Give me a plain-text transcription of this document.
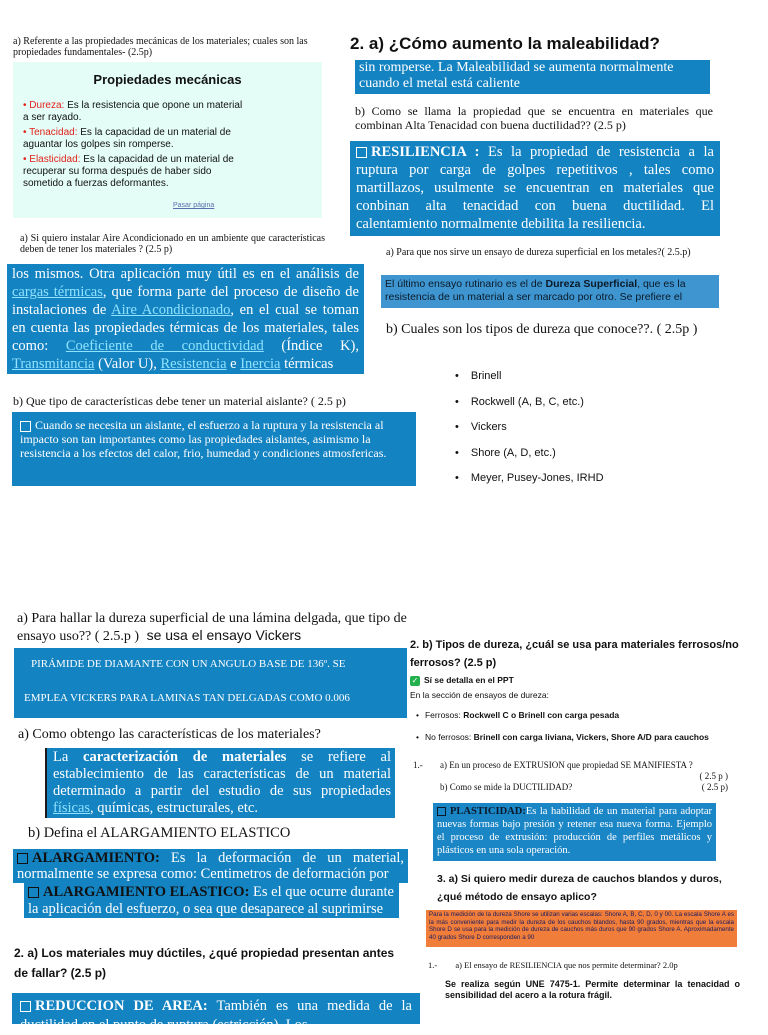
a) Referente a las propiedades mecánicas de los materiales; cuales son las propiedades fundamentales- (2.5p)
Propiedades mecánicas
• Dureza: Es la resistencia que opone un material a ser rayado.
• Tenacidad: Es la capacidad de un material de aguantar los golpes sin romperse.
• Elasticidad: Es la capacidad de un material de recuperar su forma después de haber sido sometido a fuerzas deformantes.
Pasar página
2. a) ¿Cómo aumento la maleabilidad?
sin romperse. La Maleabilidad se aumenta normalmente cuando el metal está caliente
b) Como se llama la propiedad que se encuentra en materiales que combinan Alta Tenacidad con buena ductilidad?? (2.5 p)
RESILIENCIA : Es la propiedad de resistencia a la ruptura por carga de golpes repetitivos , tales como martillazos, usulmente se encuentran en materiales que conbinan alta tenacidad con buena ductilidad. El calentamiento normalmente debilita la resiliencia.
a) Si quiero instalar Aire Acondicionado en un ambiente que características deben de tener los materiales ? (2.5 p)
los mismos. Otra aplicación muy útil es en el análisis de cargas térmicas, que forma parte del proceso de diseño de instalaciones de Aire Acondicionado, en el cual se toman en cuenta las propiedades térmicas de los materiales, tales como: Coeficiente de conductividad (Índice K), Transmitancia (Valor U), Resistencia e Inercia térmicas
a) Para que nos sirve un ensayo de dureza superficial en los metales?( 2.5.p)
El último ensayo rutinario es el de Dureza Superficial, que es la resistencia de un material a ser marcado por otro. Se prefiere el
b) Cuales son los tipos de dureza que conoce??. ( 2.5p )
• Brinell
• Rockwell (A, B, C, etc.)
• Vickers
• Shore (A, D, etc.)
• Meyer, Pusey-Jones, IRHD
b) Que tipo de características debe tener un material aislante? ( 2.5 p)
Cuando se necesita un aislante, el esfuerzo a la ruptura y la resistencia al impacto son tan importantes como las propiedades aislantes, asimismo la resistencia a los efectos del calor, frio, humedad y condiciones atmosfericas.
a) Para hallar la dureza superficial de una lámina delgada, que tipo de ensayo uso?? ( 2.5.p ) se usa el ensayo Vickers
PIRÁMIDE DE DIAMANTE CON UN ANGULO BASE DE 136º. SE
EMPLEA VICKERS PARA LAMINAS TAN DELGADAS COMO 0.006
2. b) Tipos de dureza, ¿cuál se usa para materiales ferrosos/no ferrosos? (2.5 p)
✓ Sí se detalla en el PPT
En la sección de ensayos de dureza:
• Ferrosos: Rockwell C o Brinell con carga pesada
• No ferrosos: Brinell con carga liviana, Vickers, Shore A/D para cauchos
a) Como obtengo las características de los materiales?
La caracterización de materiales se refiere al establecimiento de las características de un material determinado a partir del estudio de sus propiedades físicas, químicas, estructurales, etc.
1.- a) En un proceso de EXTRUSION que propiedad SE MANIFIESTA ?
( 2.5 p )
b) Como se mide la DUCTILIDAD?	( 2.5 p)
PLASTICIDAD:Es la habilidad de un material para adoptar nuevas formas bajo presión y retener esa nueva forma. Ejemplo el proceso de extrusión: producción de perfiles metálicos y plásticos en una sola operación.
b) Defina el ALARGAMIENTO ELASTICO
ALARGAMIENTO: Es la deformación de un material, normalmente se expresa como: Centimetros de deformación por
ALARGAMIENTO ELASTICO: Es el que ocurre durante la aplicación del esfuerzo, o sea que desaparece al suprimirse éste.
3. a) Si quiero medir dureza de cauchos blandos y duros, ¿qué método de ensayo aplico?
Para la medición de la dureza Shore se utilizan varias escalas: Shore A, B, C, D, 0 y 00. La escala Shore A es la más conveniente para medir la dureza de los cauchos blandos, hasta 90 grados, mientras que la escala Shore D se usa para la medición de dureza de cauchos más duros que 90 grados Shore A. Aproximadamente 40 grados Shore D corresponden a 90
2. a) Los materiales muy dúctiles, ¿qué propiedad presentan antes de fallar? (2.5 p)
REDUCCION DE AREA: También es una medida de la ductilidad en el punto de ruptura (estricción). Los
1.- a) El ensayo de RESILIENCIA que nos permite determinar? 2.0p
Se realiza según UNE 7475-1. Permite determinar la tenacidad o sensibilidad del acero a la rotura frágil.
